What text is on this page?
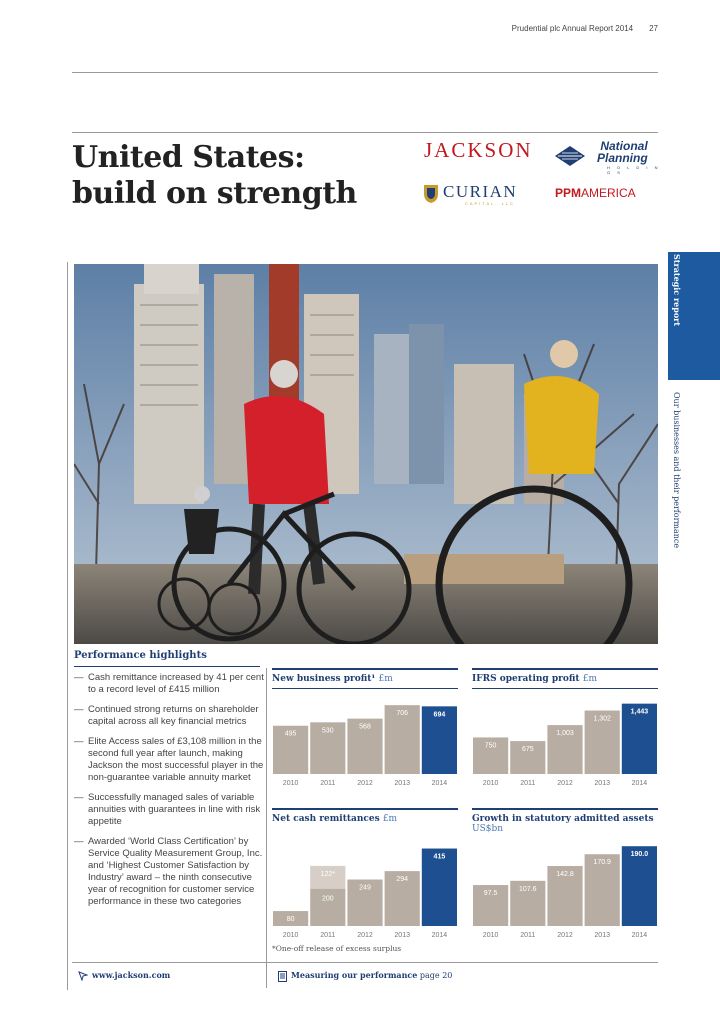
Prudential plc Annual Report 2014 27
United States:
build on strength
JACKSON	National
Planning
H O L D I N G S
CURIAN
CAPITAL, LLC
PPMAMERICA
Strategic report
Our businesses and their performance
Performance highlights
— Cash remittance increased by 41 per cent to a record level of £415 million
— Continued strong returns on shareholder capital across all key financial metrics
— Elite Access sales of £3,108 million in the second full year after launch, making Jackson the most successful player in the non-guarantee variable annuity market
— Successfully managed sales of variable annuities with guarantees in line with risk appetite
— Awarded ‘World Class Certification’ by Service Quality Measurement Group, Inc. and ‘Highest Customer Satisfaction by Industry’ award – the ninth consecutive year of recognition for customer service performance in these two categories
New business profit¹ £m
495
2010
530
2011
568
2012
706
2013
694
2014
IFRS operating profit £m
750
2010
675
2011
1,003
2012
1,302
2013
1,443
2014
Net cash remittances £m
80
2010
200
122*
2011
249
2012
294
2013
415
2014
Growth in statutory admitted assets
US$bn
97.5
2010
107.6
2011
142.8
2012
170.9
2013
190.0
2014
*One-off release of excess surplus
www.jackson.com	Measuring our performance page 20
